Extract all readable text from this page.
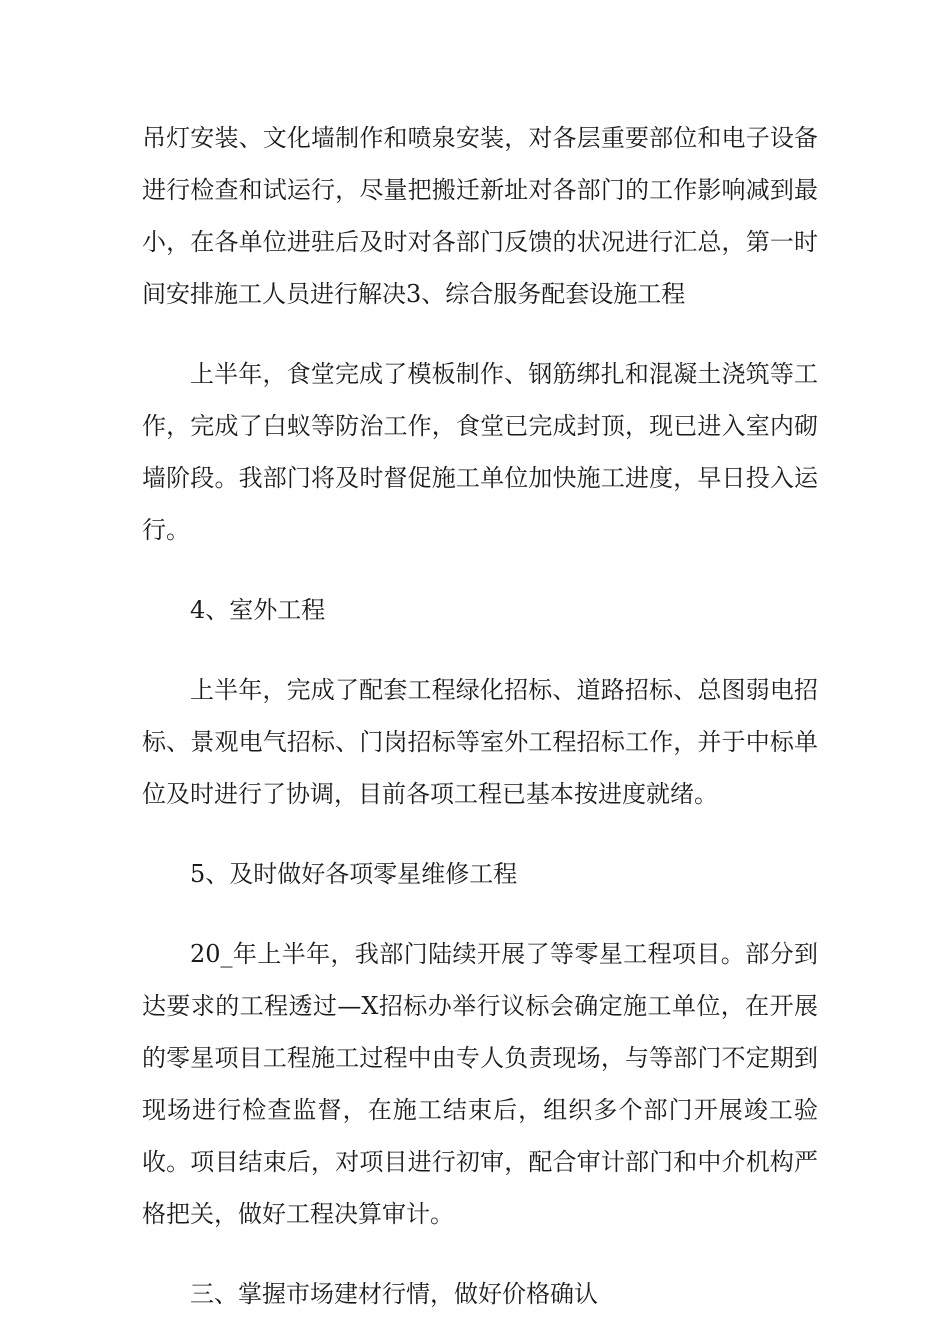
吊灯安装、文化墙制作和喷泉安装，对各层重要部位和电子设备进行检查和试运行，尽量把搬迁新址对各部门的工作影响减到最小，在各单位进驻后及时对各部门反馈的状况进行汇总，第一时间安排施工人员进行解决3、综合服务配套设施工程

上半年，食堂完成了模板制作、钢筋绑扎和混凝土浇筑等工作，完成了白蚁等防治工作，食堂已完成封顶，现已进入室内砌墙阶段。我部门将及时督促施工单位加快施工进度，早日投入运行。

4、室外工程

上半年，完成了配套工程绿化招标、道路招标、总图弱电招标、景观电气招标、门岗招标等室外工程招标工作，并于中标单位及时进行了协调，目前各项工程已基本按进度就绪。

5、及时做好各项零星维修工程

20_年上半年，我部门陆续开展了等零星工程项目。部分到达要求的工程透过—X招标办举行议标会确定施工单位，在开展的零星项目工程施工过程中由专人负责现场，与等部门不定期到现场进行检查监督，在施工结束后，组织多个部门开展竣工验收。项目结束后，对项目进行初审，配合审计部门和中介机构严格把关，做好工程决算审计。

三、掌握市场建材行情，做好价格确认
